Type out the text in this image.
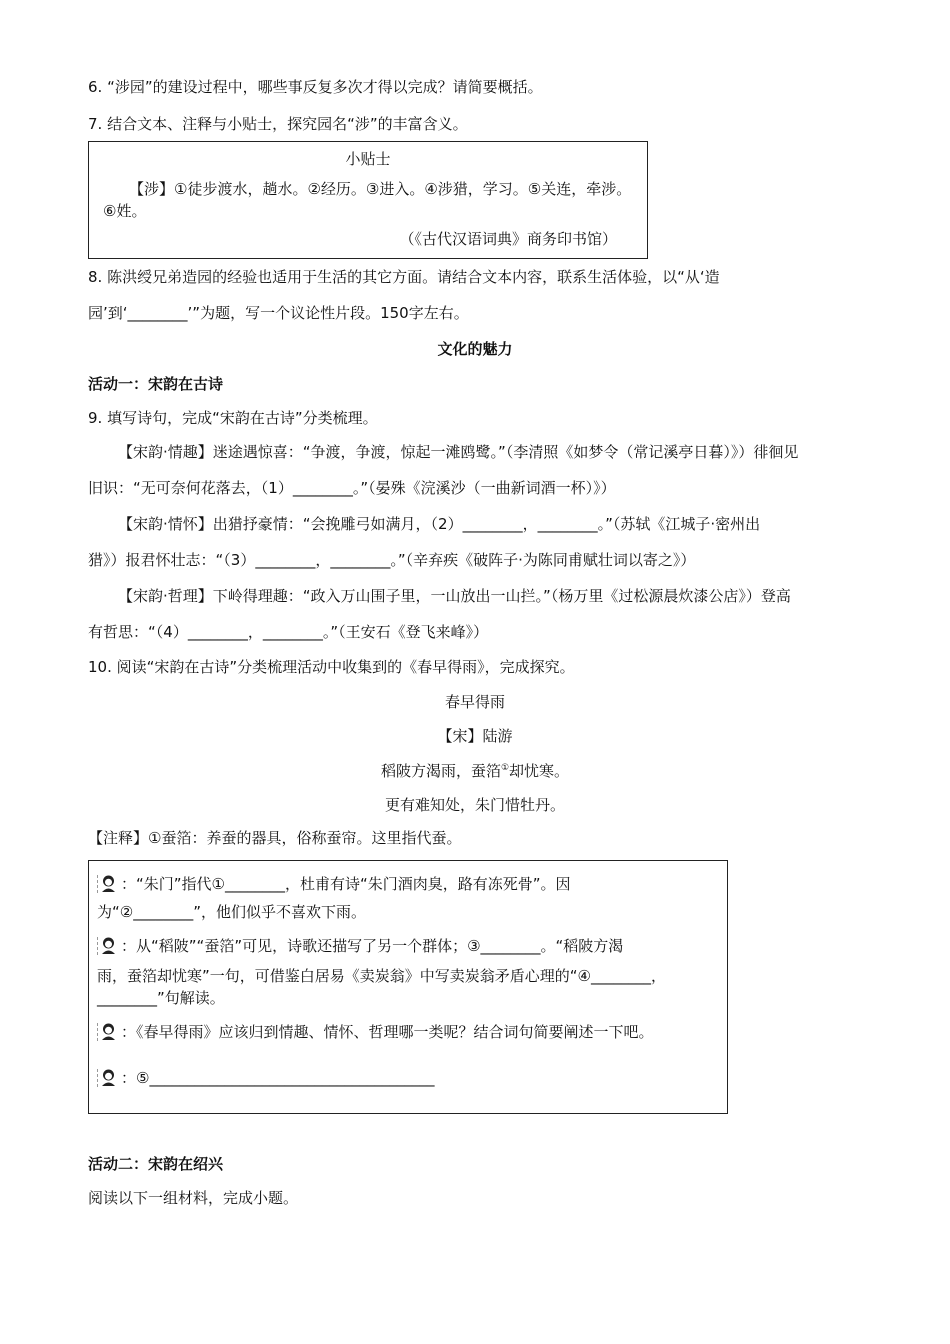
6. “涉园”的建设过程中，哪些事反复多次才得以完成？请简要概括。
7. 结合文本、注释与小贴士，探究园名“涉”的丰富含义。
小贴士
【涉】①徒步渡水，趟水。②经历。③进入。④涉猎，学习。⑤关连，牵涉。
⑥姓。
（《古代汉语词典》商务印书馆）
8. 陈洪绶兄弟造园的经验也适用于生活的其它方面。请结合文本内容，联系生活体验，以“从‘造
园’到‘________’”为题，写一个议论性片段。150字左右。
文化的魅力
活动一：宋韵在古诗
9. 填写诗句，完成“宋韵在古诗”分类梳理。
【宋韵·情趣】迷途遇惊喜：“争渡，争渡，惊起一滩鸥鹭。”（李清照《如梦令（常记溪亭日暮）》）徘徊见
旧识：“无可奈何花落去，（1）________。”（晏殊《浣溪沙（一曲新词酒一杯）》）
【宋韵·情怀】出猎抒豪情：“会挽雕弓如满月，（2）________，________。”（苏轼《江城子·密州出
猎》）报君怀壮志：“（3）________，________。”（辛弃疾《破阵子·为陈同甫赋壮词以寄之》）
【宋韵·哲理】下岭得理趣：“政入万山围子里，一山放出一山拦。”（杨万里《过松源晨炊漆公店》）登高
有哲思：“（4）________，________。”（王安石《登飞来峰》）
10. 阅读“宋韵在古诗”分类梳理活动中收集到的《春早得雨》，完成探究。
春早得雨
【宋】陆游
稻陂方渴雨，蚕箔①却忧寒。
更有难知处，朱门惜牡丹。
【注释】①蚕箔：养蚕的器具，俗称蚕帘。这里指代蚕。
：“朱门”指代①________，杜甫有诗“朱门酒肉臭，路有冻死骨”。因
为“②________”，他们似乎不喜欢下雨。
：从“稻陂”“蚕箔”可见，诗歌还描写了另一个群体；③________。“稻陂方渴
雨，蚕箔却忧寒”一句，可借鉴白居易《卖炭翁》中写卖炭翁矛盾心理的“④________，
________”句解读。
：《春早得雨》应该归到情趣、情怀、哲理哪一类呢？结合词句简要阐述一下吧。
：⑤______________________________________
活动二：宋韵在绍兴
阅读以下一组材料，完成小题。
